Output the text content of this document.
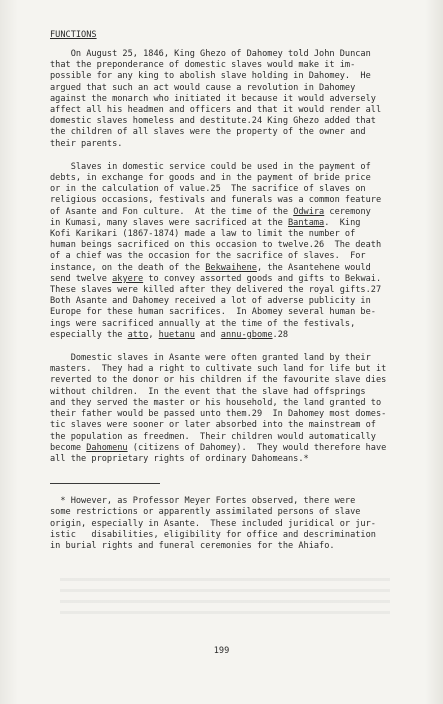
FUNCTIONS
On August 25, 1846, King Ghezo of Dahomey told John Duncan
that the preponderance of domestic slaves would make it im-
possible for any king to abolish slave holding in Dahomey.  He
argued that such an act would cause a revolution in Dahomey
against the monarch who initiated it because it would adversely
affect all his headmen and officers and that it would render all
domestic slaves homeless and destitute.24 King Ghezo added that
the children of all slaves were the property of the owner and
their parents.
Slaves in domestic service could be used in the payment of
debts, in exchange for goods and in the payment of bride price
or in the calculation of value.25  The sacrifice of slaves on
religious occasions, festivals and funerals was a common feature
of Asante and Fon culture.  At the time of the Odwira ceremony
in Kumasi, many slaves were sacrificed at the Bantama.  King
Kofi Karikari (1867-1874) made a law to limit the number of
human beings sacrificed on this occasion to twelve.26  The death
of a chief was the occasion for the sacrifice of slaves.  For
instance, on the death of the Bekwaihene, the Asantehene would
send twelve akyere to convey assorted goods and gifts to Bekwai.
These slaves were killed after they delivered the royal gifts.27
Both Asante and Dahomey received a lot of adverse publicity in
Europe for these human sacrifices.  In Abomey several human be-
ings were sacrificed annually at the time of the festivals,
especially the atto, huetanu and annu-gbome.28
Domestic slaves in Asante were often granted land by their
masters.  They had a right to cultivate such land for life but it
reverted to the donor or his children if the favourite slave dies
without children.  In the event that the slave had offsprings
and they served the master or his household, the land granted to
their father would be passed unto them.29  In Dahomey most domes-
tic slaves were sooner or later absorbed into the mainstream of
the population as freedmen.  Their children would automatically
become Dahomenu (citizens of Dahomey).  They would therefore have
all the proprietary rights of ordinary Dahomeans.*
* However, as Professor Meyer Fortes observed, there were
some restrictions or apparently assimilated persons of slave
origin, especially in Asante.  These included juridical or jur-
istic   disabilities, eligibility for office and descrimination
in burial rights and funeral ceremonies for the Ahiafo.
199
